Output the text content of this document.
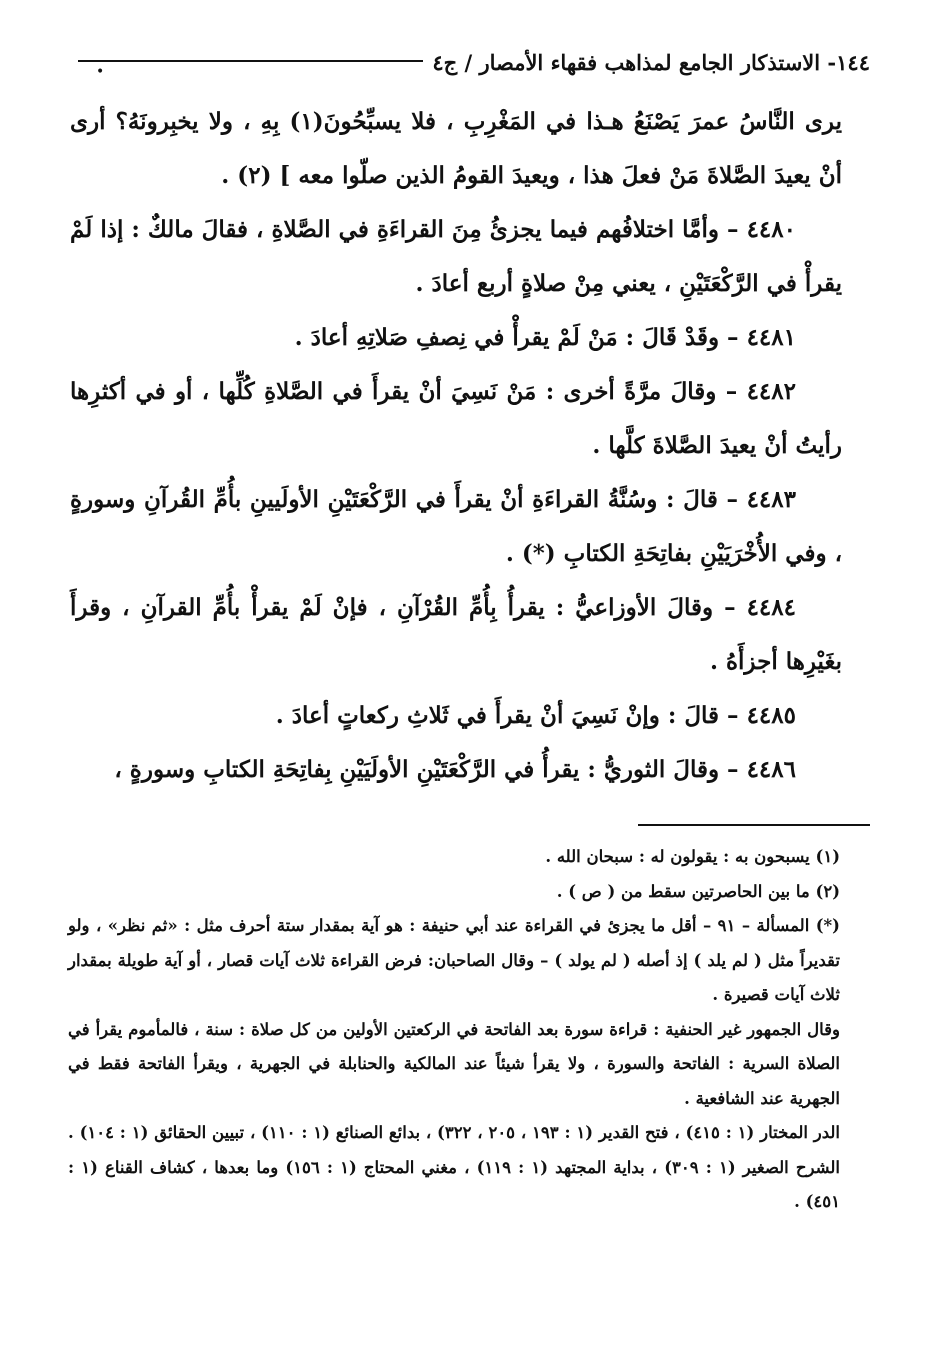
١٤٤- الاستذكار الجامع لمذاهب فقهاء الأمصار / ج٤
•

يرى النَّاسُ عمرَ يَصْنَعُ هـذا في المَغْرِبِ ، فلا يسبِّحُونَ(١) بِهِ ، ولا يخبِرونَهُ؟ أرى أنْ يعيدَ الصَّلاةَ مَنْ فعلَ هذا ، ويعيدَ القومُ الذين صلّوا معه ] (٢) .

٤٤٨٠ – وأمَّا اختلافُهم فيما يجزئُ مِنَ القراءَةِ في الصَّلاةِ ، فقالَ مالكٌ : إذا لَمْ يقرأْ في الرَّكْعَتَيْنِ ، يعني مِنْ صلاةٍ أربع أعادَ .

٤٤٨١ – وقَدْ قَالَ : مَنْ لَمْ يقرأْ في نِصفِ صَلاتِهِ أعادَ .

٤٤٨٢ – وقالَ مرَّةً أخرى : مَنْ نَسِيَ أنْ يقرأَ في الصَّلاةِ كُلِّها ، أو في أكثرِها رأيتُ أنْ يعيدَ الصَّلاةَ كلَّها .

٤٤٨٣ – قالَ : وسُنَّةُ القراءَةِ أنْ يقرأَ في الرَّكْعَتَيْنِ الأولَيينِ بأُمِّ القُرآنِ وسورةٍ ، وفي الأُخْرَيَيْنِ بفاتِحَةِ الكتابِ (*) .

٤٤٨٤ – وقالَ الأوزاعيُّ : يقرأُ بِأُمِّ القُرْآنِ ، فإنْ لَمْ يقرأْ بأُمِّ القرآنِ ، وقرأَ بغَيْرِها أجزأَهُ .

٤٤٨٥ – قالَ : وإنْ نَسِيَ أنْ يقرأَ في ثَلاثِ ركعاتٍ أعادَ .

٤٤٨٦ – وقالَ الثوريُّ : يقرأُ في الرَّكْعَتَيْنِ الأولَيَيْنِ بِفاتِحَةِ الكتابِ وسورةٍ ،

(١) يسبحون به : يقولون له : سبحان الله .

(٢) ما بين الحاصرتين سقط من ( ص ) .

(*) المسألة – ٩١ – أقل ما يجزئ في القراءة عند أبي حنيفة : هو آية بمقدار ستة أحرف مثل : «ثم نظر» ، ولو تقديراً مثل ( لم يلد ) إذ أصله ( لم يولد ) – وقال الصاحبان: فرض القراءة ثلاث آيات قصار ، أو آية طويلة بمقدار ثلاث آيات قصيرة .

وقال الجمهور غير الحنفية : قراءة سورة بعد الفاتحة في الركعتين الأولين من كل صلاة : سنة ، فالمأموم يقرأ في الصلاة السرية : الفاتحة والسورة ، ولا يقرأ شيئاً عند المالكية والحنابلة في الجهرية ، ويقرأ الفاتحة فقط في الجهرية عند الشافعية .

الدر المختار (١ : ٤١٥) ، فتح القدير (١ : ١٩٣ ، ٢٠٥ ، ٣٢٢) ، بدائع الصنائع (١ : ١١٠) ، تبيين الحقائق (١ : ١٠٤) . الشرح الصغير (١ : ٣٠٩) ، بداية المجتهد (١ : ١١٩) ، مغني المحتاج (١ : ١٥٦) وما بعدها ، كشاف القناع (١ : ٤٥١) .
